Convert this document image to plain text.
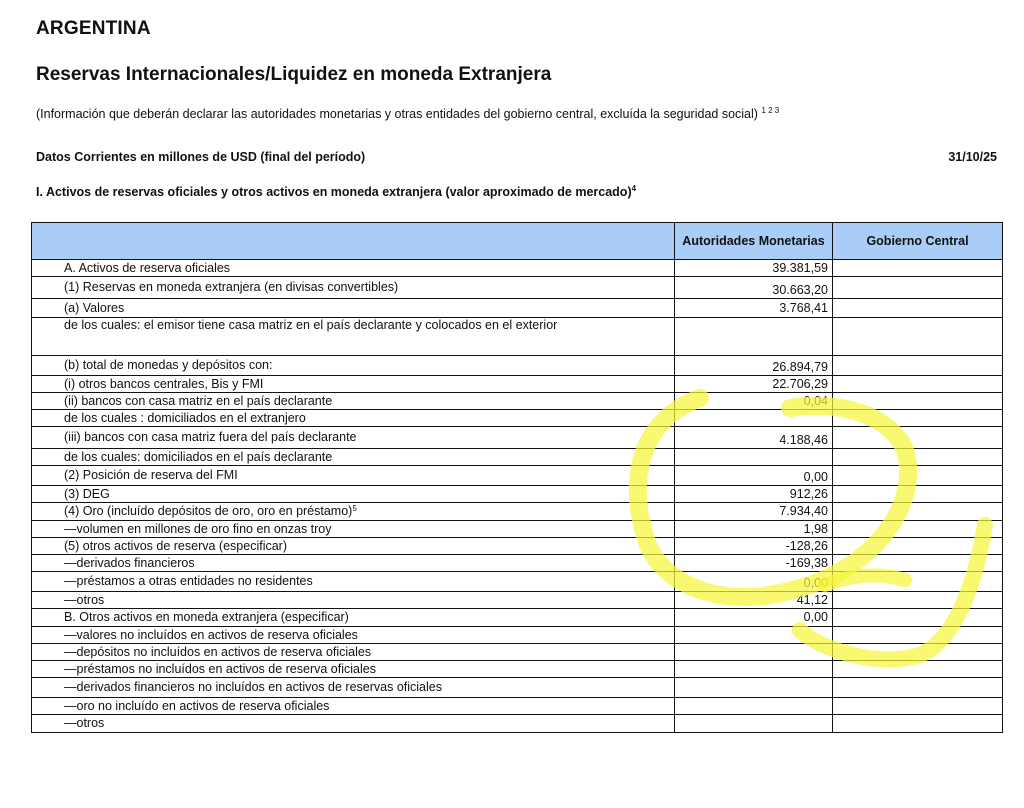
ARGENTINA
Reservas Internacionales/Liquidez en moneda Extranjera
(Información que deberán declarar las autoridades monetarias y otras entidades del gobierno central, excluída la seguridad social) $^{1 2 3}$
Datos Corrientes en millones de USD (final del período)	31/10/25
I. Activos de reservas oficiales y otros activos en moneda extranjera (valor aproximado de mercado)$^4$
	Autoridades Monetarias	Gobierno Central
A. Activos de reserva oficiales	39.381,59	
(1) Reservas en moneda extranjera (en divisas convertibles)	30.663,20	
(a) Valores	3.768,41	
de los cuales: el emisor tiene casa matriz en el país declarante y colocados en el exterior		
(b) total de monedas y depósitos con:	26.894,79	
(i) otros bancos centrales, Bis y FMI	22.706,29	
(ii) bancos con casa matriz en el país declarante	0,04	
de los cuales : domiciliados en el extranjero		
(iii) bancos con casa matriz fuera del país declarante	4.188,46	
de los cuales: domiciliados en el país declarante		
(2) Posición de reserva del FMI	0,00	
(3) DEG	912,26	
(4) Oro (incluído depósitos de oro, oro en préstamo)$^5$	7.934,40	
—volumen en millones de oro fino en onzas troy	1,98	
(5) otros activos de reserva (especificar)	-128,26	
—derivados financieros	-169,38	
—préstamos a otras entidades no residentes	0,00	
—otros	41,12	
B. Otros activos en moneda extranjera (especificar)	0,00	
—valores no incluídos en activos de reserva oficiales		
—depósitos no incluídos en activos de reserva oficiales		
—préstamos no incluídos en activos de reserva oficiales		
—derivados financieros no incluídos en activos de reservas oficiales		
—oro no incluído en activos de reserva oficiales		
—otros		
